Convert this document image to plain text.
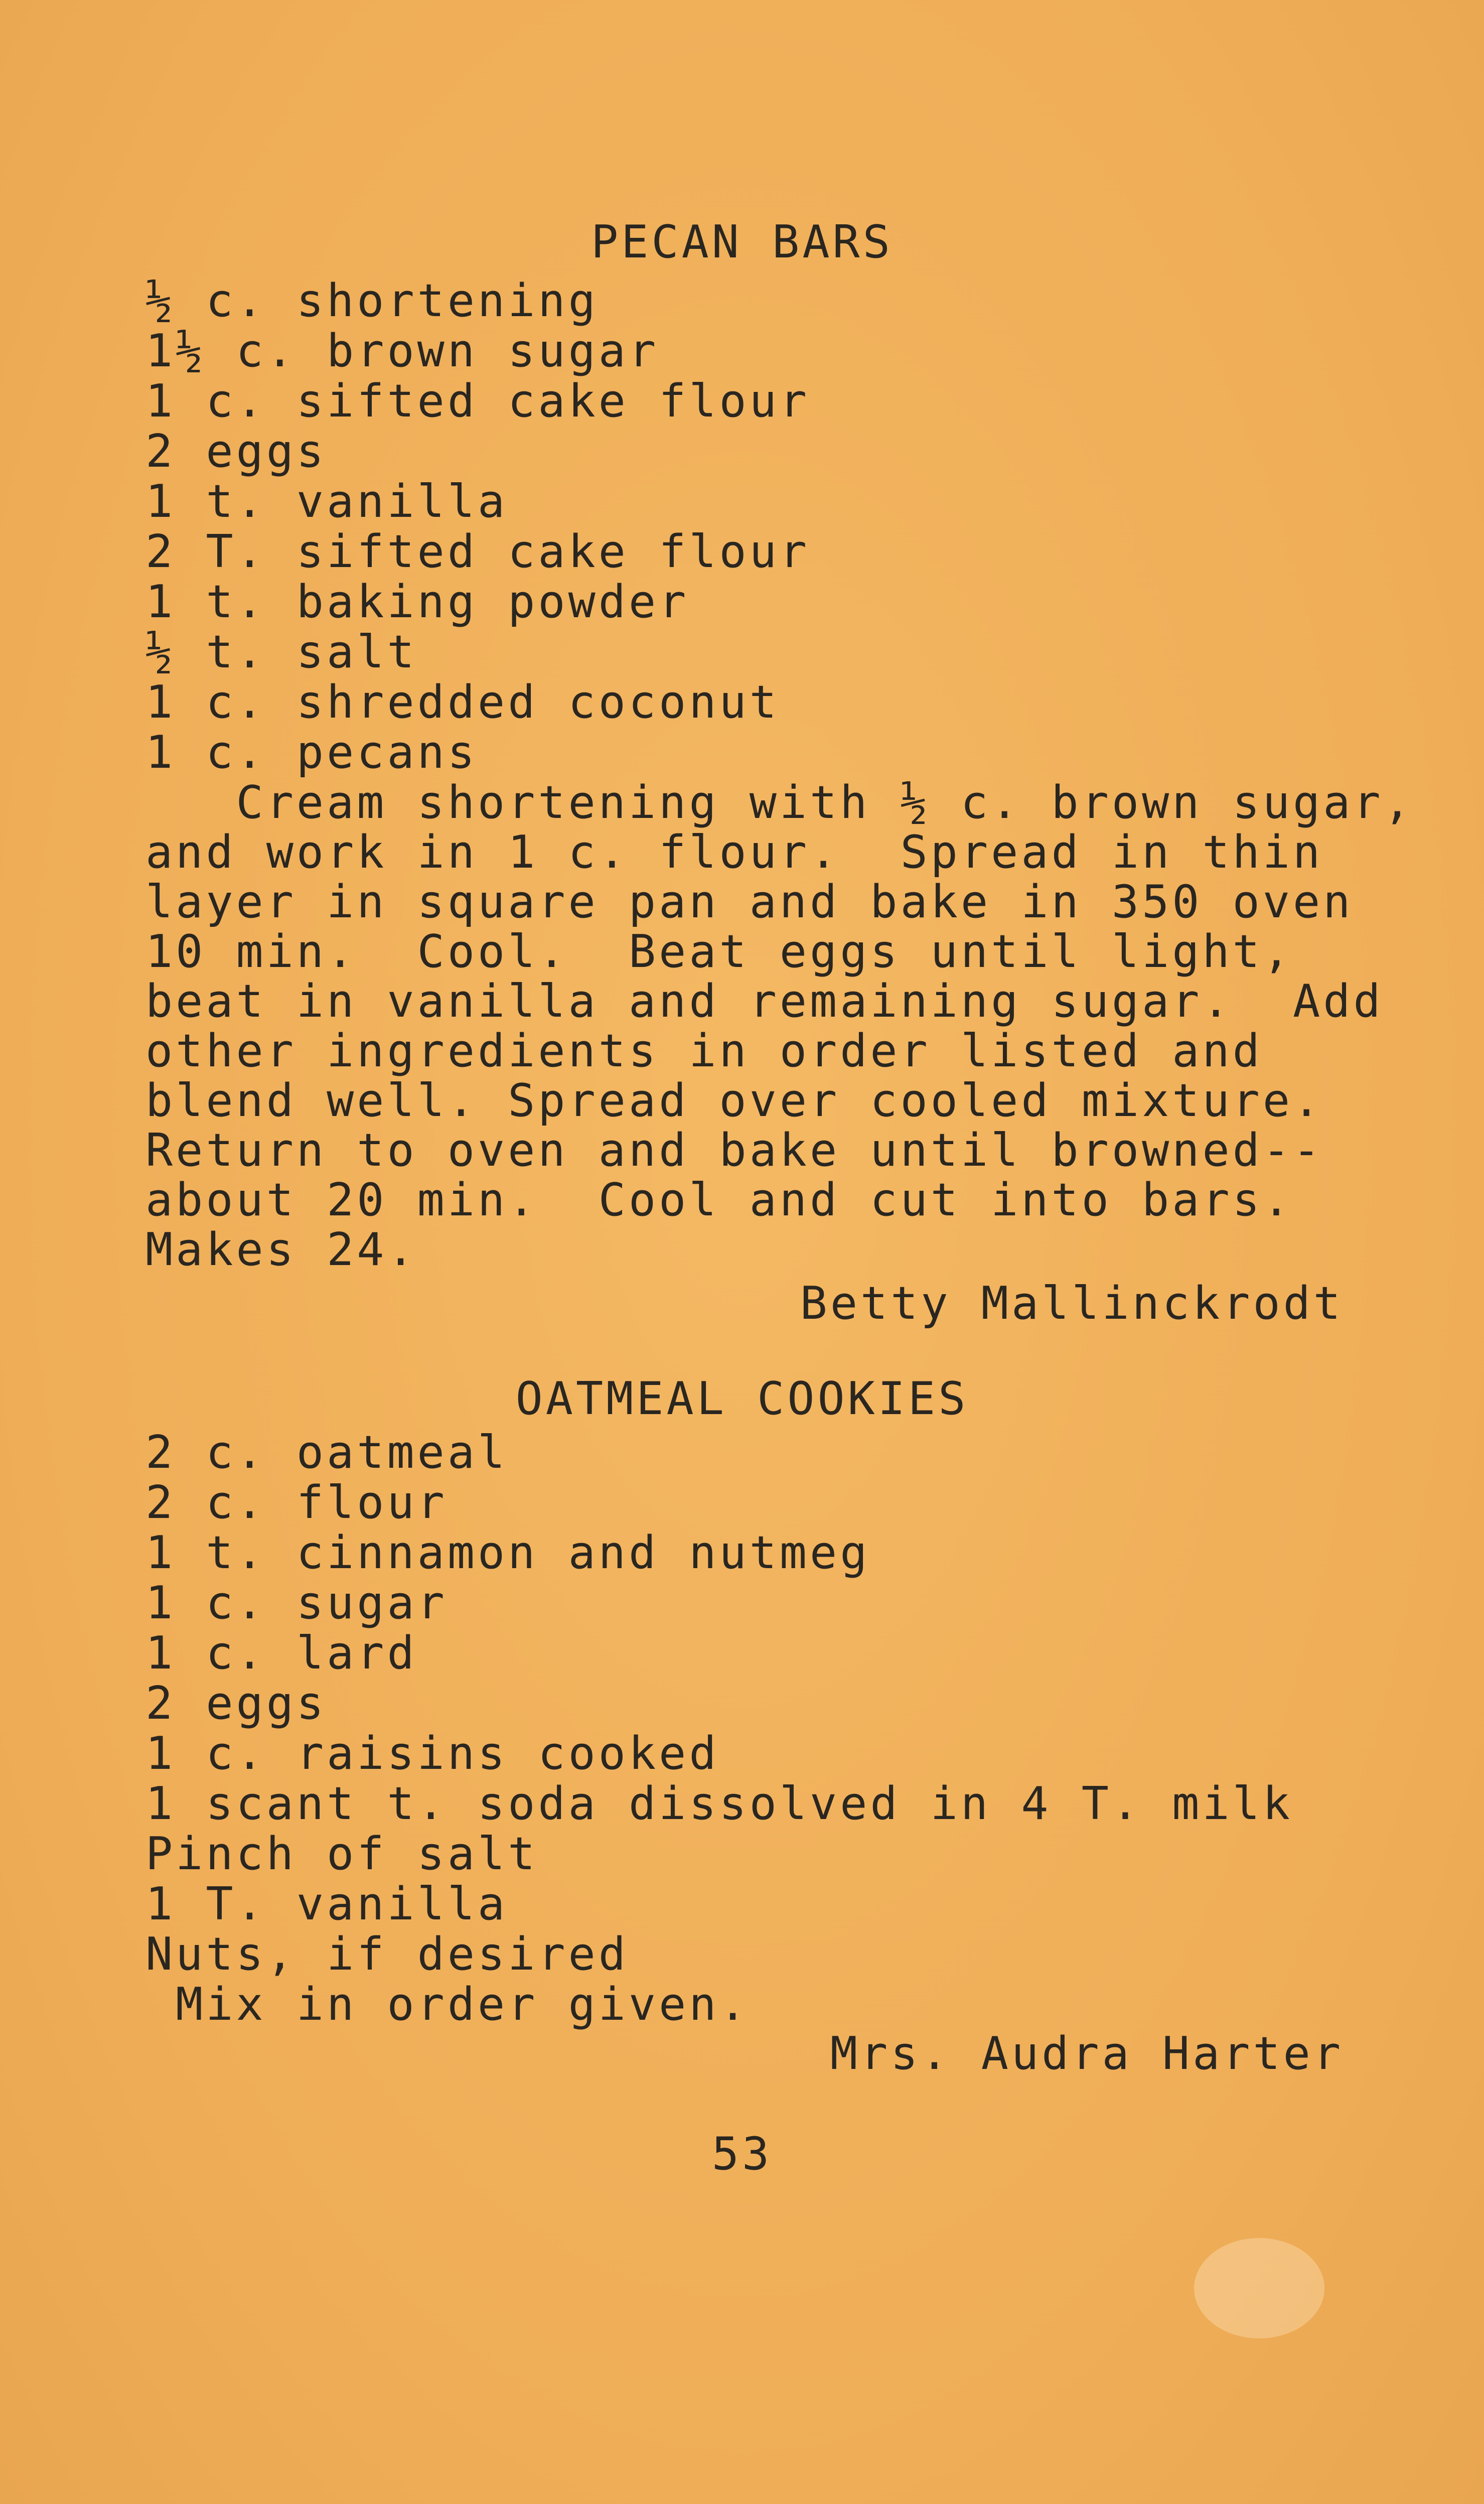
PECAN BARS
½ c. shortening
1½ c. brown sugar
1 c. sifted cake flour
2 eggs
1 t. vanilla
2 T. sifted cake flour
1 t. baking powder
½ t. salt
1 c. shredded coconut
1 c. pecans
Cream shortening with ½ c. brown sugar,
and work in 1 c. flour.  Spread in thin
layer in square pan and bake in 350 oven
10 min.  Cool.  Beat eggs until light,
beat in vanilla and remaining sugar.  Add
other ingredients in order listed and
blend well. Spread over cooled mixture.
Return to oven and bake until browned--
about 20 min.  Cool and cut into bars.
Makes 24.
Betty Mallinckrodt
OATMEAL COOKIES
2 c. oatmeal
2 c. flour
1 t. cinnamon and nutmeg
1 c. sugar
1 c. lard
2 eggs
1 c. raisins cooked
1 scant t. soda dissolved in 4 T. milk
Pinch of salt
1 T. vanilla
Nuts, if desired
Mix in order given.
Mrs. Audra Harter
53
